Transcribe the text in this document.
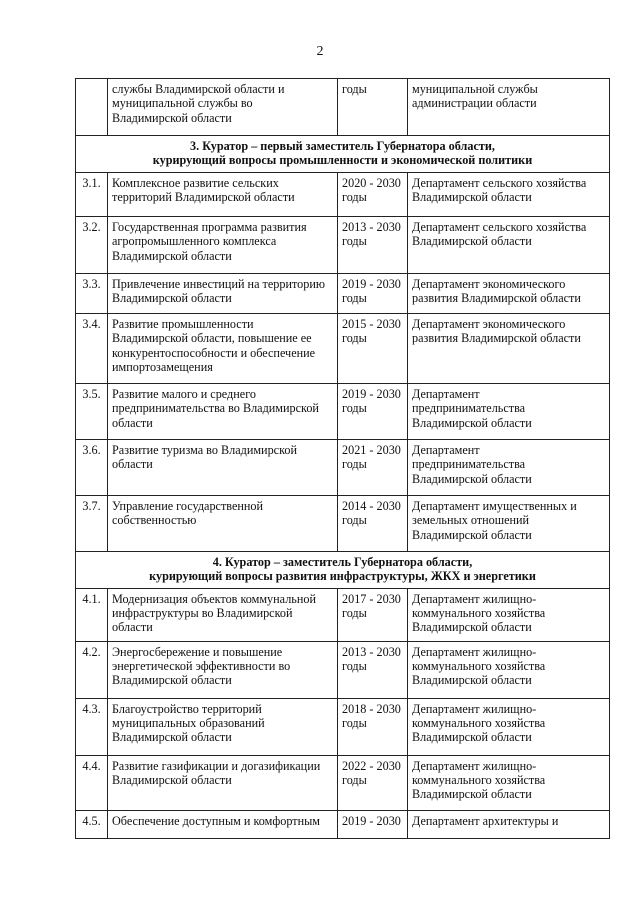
2

	службы Владимирской области и
муниципальной службы во
Владимирской области	годы	муниципальной службы
администрации области

3. Куратор – первый заместитель Губернатора области,
курирующий вопросы промышленности и экономической политики			

3.1.	Комплексное развитие сельских
территорий Владимирской области	2020 - 2030
годы	Департамент сельского хозяйства
Владимирской области

3.2.	Государственная программа развития
агропромышленного комплекса
Владимирской области	2013 - 2030
годы	Департамент сельского хозяйства
Владимирской области

3.3.	Привлечение инвестиций на территорию
Владимирской области	2019 - 2030
годы	Департамент экономического
развития Владимирской области

3.4.	Развитие промышленности
Владимирской области, повышение ее
конкурентоспособности и обеспечение
импортозамещения	2015 - 2030
годы	Департамент экономического
развития Владимирской области

3.5.	Развитие малого и среднего
предпринимательства во Владимирской
области	2019 - 2030
годы	Департамент
предпринимательства
Владимирской области

3.6.	Развитие туризма во Владимирской
области	2021 - 2030
годы	Департамент
предпринимательства
Владимирской области

3.7.	Управление государственной
собственностью	2014 - 2030
годы	Департамент имущественных и
земельных отношений
Владимирской области

4. Куратор – заместитель Губернатора области,
курирующий вопросы развития инфраструктуры, ЖКХ и энергетики			

4.1.	Модернизация объектов коммунальной
инфраструктуры во Владимирской
области	2017 - 2030
годы	Департамент жилищно-
коммунального хозяйства
Владимирской области

4.2.	Энергосбережение и повышение
энергетической эффективности во
Владимирской области	2013 - 2030
годы	Департамент жилищно-
коммунального хозяйства
Владимирской области

4.3.	Благоустройство территорий
муниципальных образований
Владимирской области	2018 - 2030
годы	Департамент жилищно-
коммунального хозяйства
Владимирской области

4.4.	Развитие газификации и догазификации
Владимирской области	2022 - 2030
годы	Департамент жилищно-
коммунального хозяйства
Владимирской области

4.5.	Обеспечение доступным и комфортным	2019 - 2030	Департамент архитектуры и
